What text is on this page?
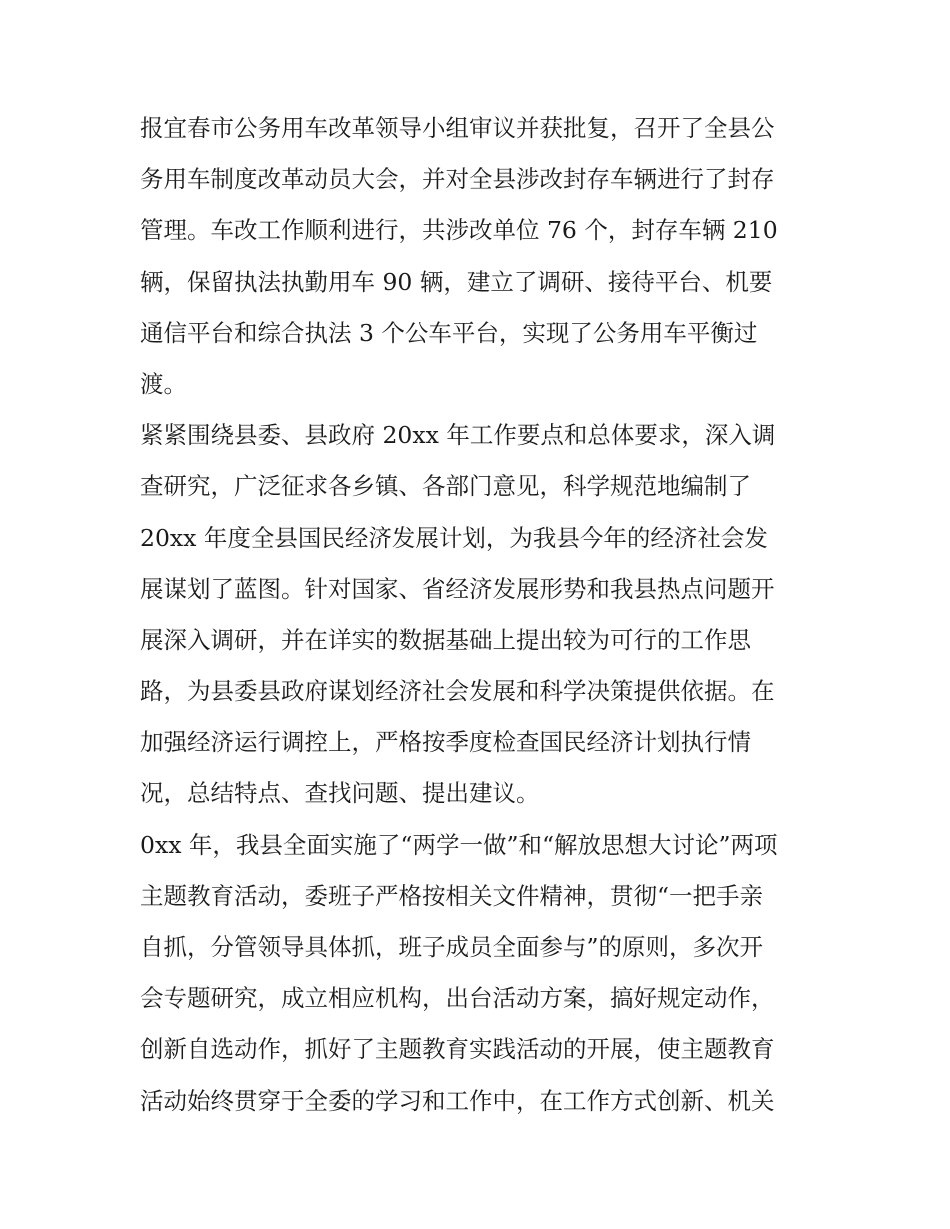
报宜春市公务用车改革领导小组审议并获批复，召开了全县公
务用车制度改革动员大会，并对全县涉改封存车辆进行了封存
管理。车改工作顺利进行，共涉改单位 76 个，封存车辆 210
辆，保留执法执勤用车 90 辆，建立了调研、接待平台、机要
通信平台和综合执法 3 个公车平台，实现了公务用车平衡过
渡。
紧紧围绕县委、县政府 20xx 年工作要点和总体要求，深入调
查研究，广泛征求各乡镇、各部门意见，科学规范地编制了
20xx 年度全县国民经济发展计划，为我县今年的经济社会发
展谋划了蓝图。针对国家、省经济发展形势和我县热点问题开
展深入调研，并在详实的数据基础上提出较为可行的工作思
路，为县委县政府谋划经济社会发展和科学决策提供依据。在
加强经济运行调控上，严格按季度检查国民经济计划执行情
况，总结特点、查找问题、提出建议。
0xx 年，我县全面实施了“两学一做”和“解放思想大讨论”两项
主题教育活动，委班子严格按相关文件精神，贯彻“一把手亲
自抓，分管领导具体抓，班子成员全面参与”的原则，多次开
会专题研究，成立相应机构，出台活动方案，搞好规定动作，
创新自选动作，抓好了主题教育实践活动的开展，使主题教育
活动始终贯穿于全委的学习和工作中，在工作方式创新、机关
